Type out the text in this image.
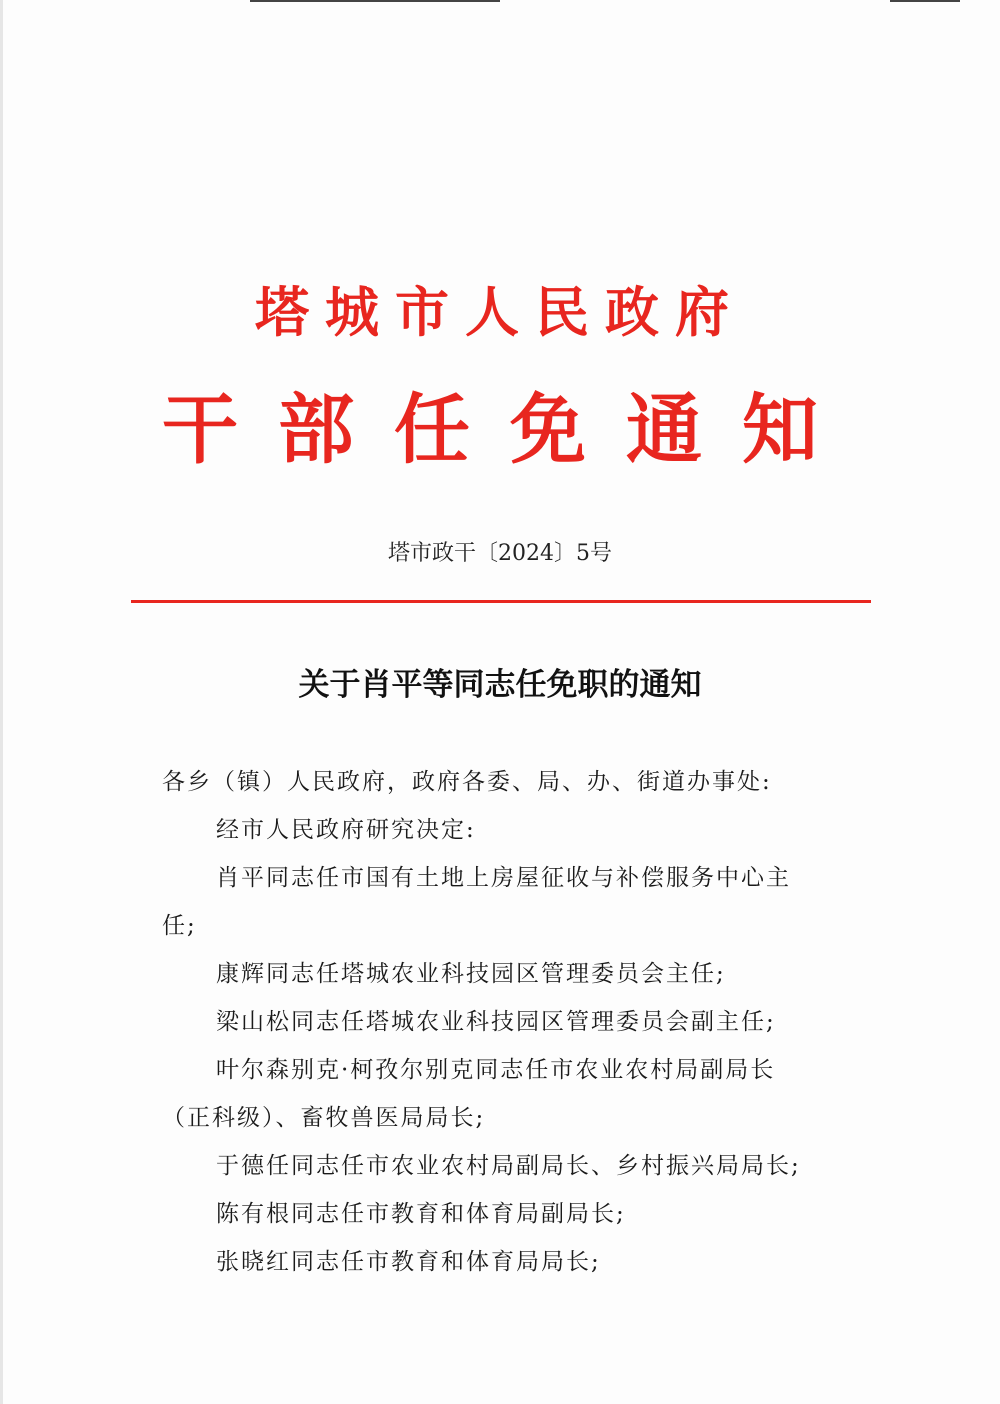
塔城市人民政府
干部任免通知
塔市政干〔2024〕5号
关于肖平等同志任免职的通知
各乡（镇）人民政府，政府各委、局、办、街道办事处:
经市人民政府研究决定:
肖平同志任市国有土地上房屋征收与补偿服务中心主
任;
康辉同志任塔城农业科技园区管理委员会主任;
梁山松同志任塔城农业科技园区管理委员会副主任;
叶尔森别克·柯孜尔别克同志任市农业农村局副局长
（正科级）、畜牧兽医局局长;
于德任同志任市农业农村局副局长、乡村振兴局局长;
陈有根同志任市教育和体育局副局长;
张晓红同志任市教育和体育局局长;
